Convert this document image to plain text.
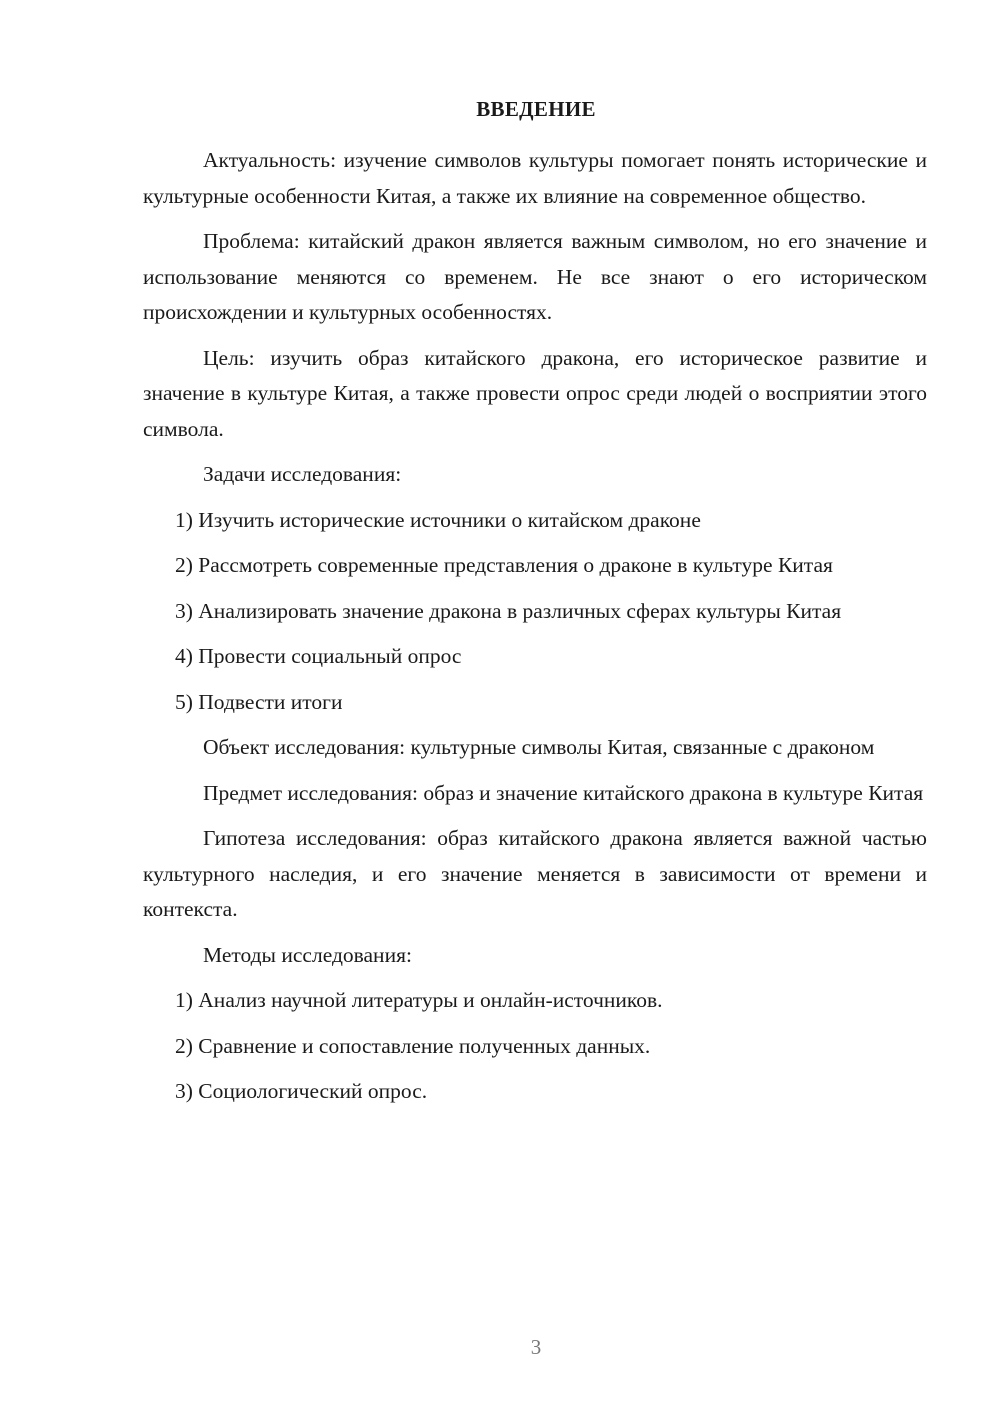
ВВЕДЕНИЕ

Актуальность: изучение символов культуры помогает понять исторические и культурные особенности Китая, а также их влияние на современное общество.

Проблема: китайский дракон является важным символом, но его значение и использование меняются со временем. Не все знают о его историческом происхождении и культурных особенностях.

Цель: изучить образ китайского дракона, его историческое развитие и значение в культуре Китая, а также провести опрос среди людей о восприятии этого символа.

Задачи исследования:

1) Изучить исторические источники о китайском драконе

2) Рассмотреть современные представления о драконе в культуре Китая

3) Анализировать значение дракона в различных сферах культуры Китая

4) Провести социальный опрос

5) Подвести итоги

Объект исследования: культурные символы Китая, связанные с драконом

Предмет исследования: образ и значение китайского дракона в культуре Китая

Гипотеза исследования: образ китайского дракона является важной частью культурного наследия, и его значение меняется в зависимости от времени и контекста.

Методы исследования:

1) Анализ научной литературы и онлайн-источников.

2) Сравнение и сопоставление полученных данных.

3) Социологический опрос.

3
